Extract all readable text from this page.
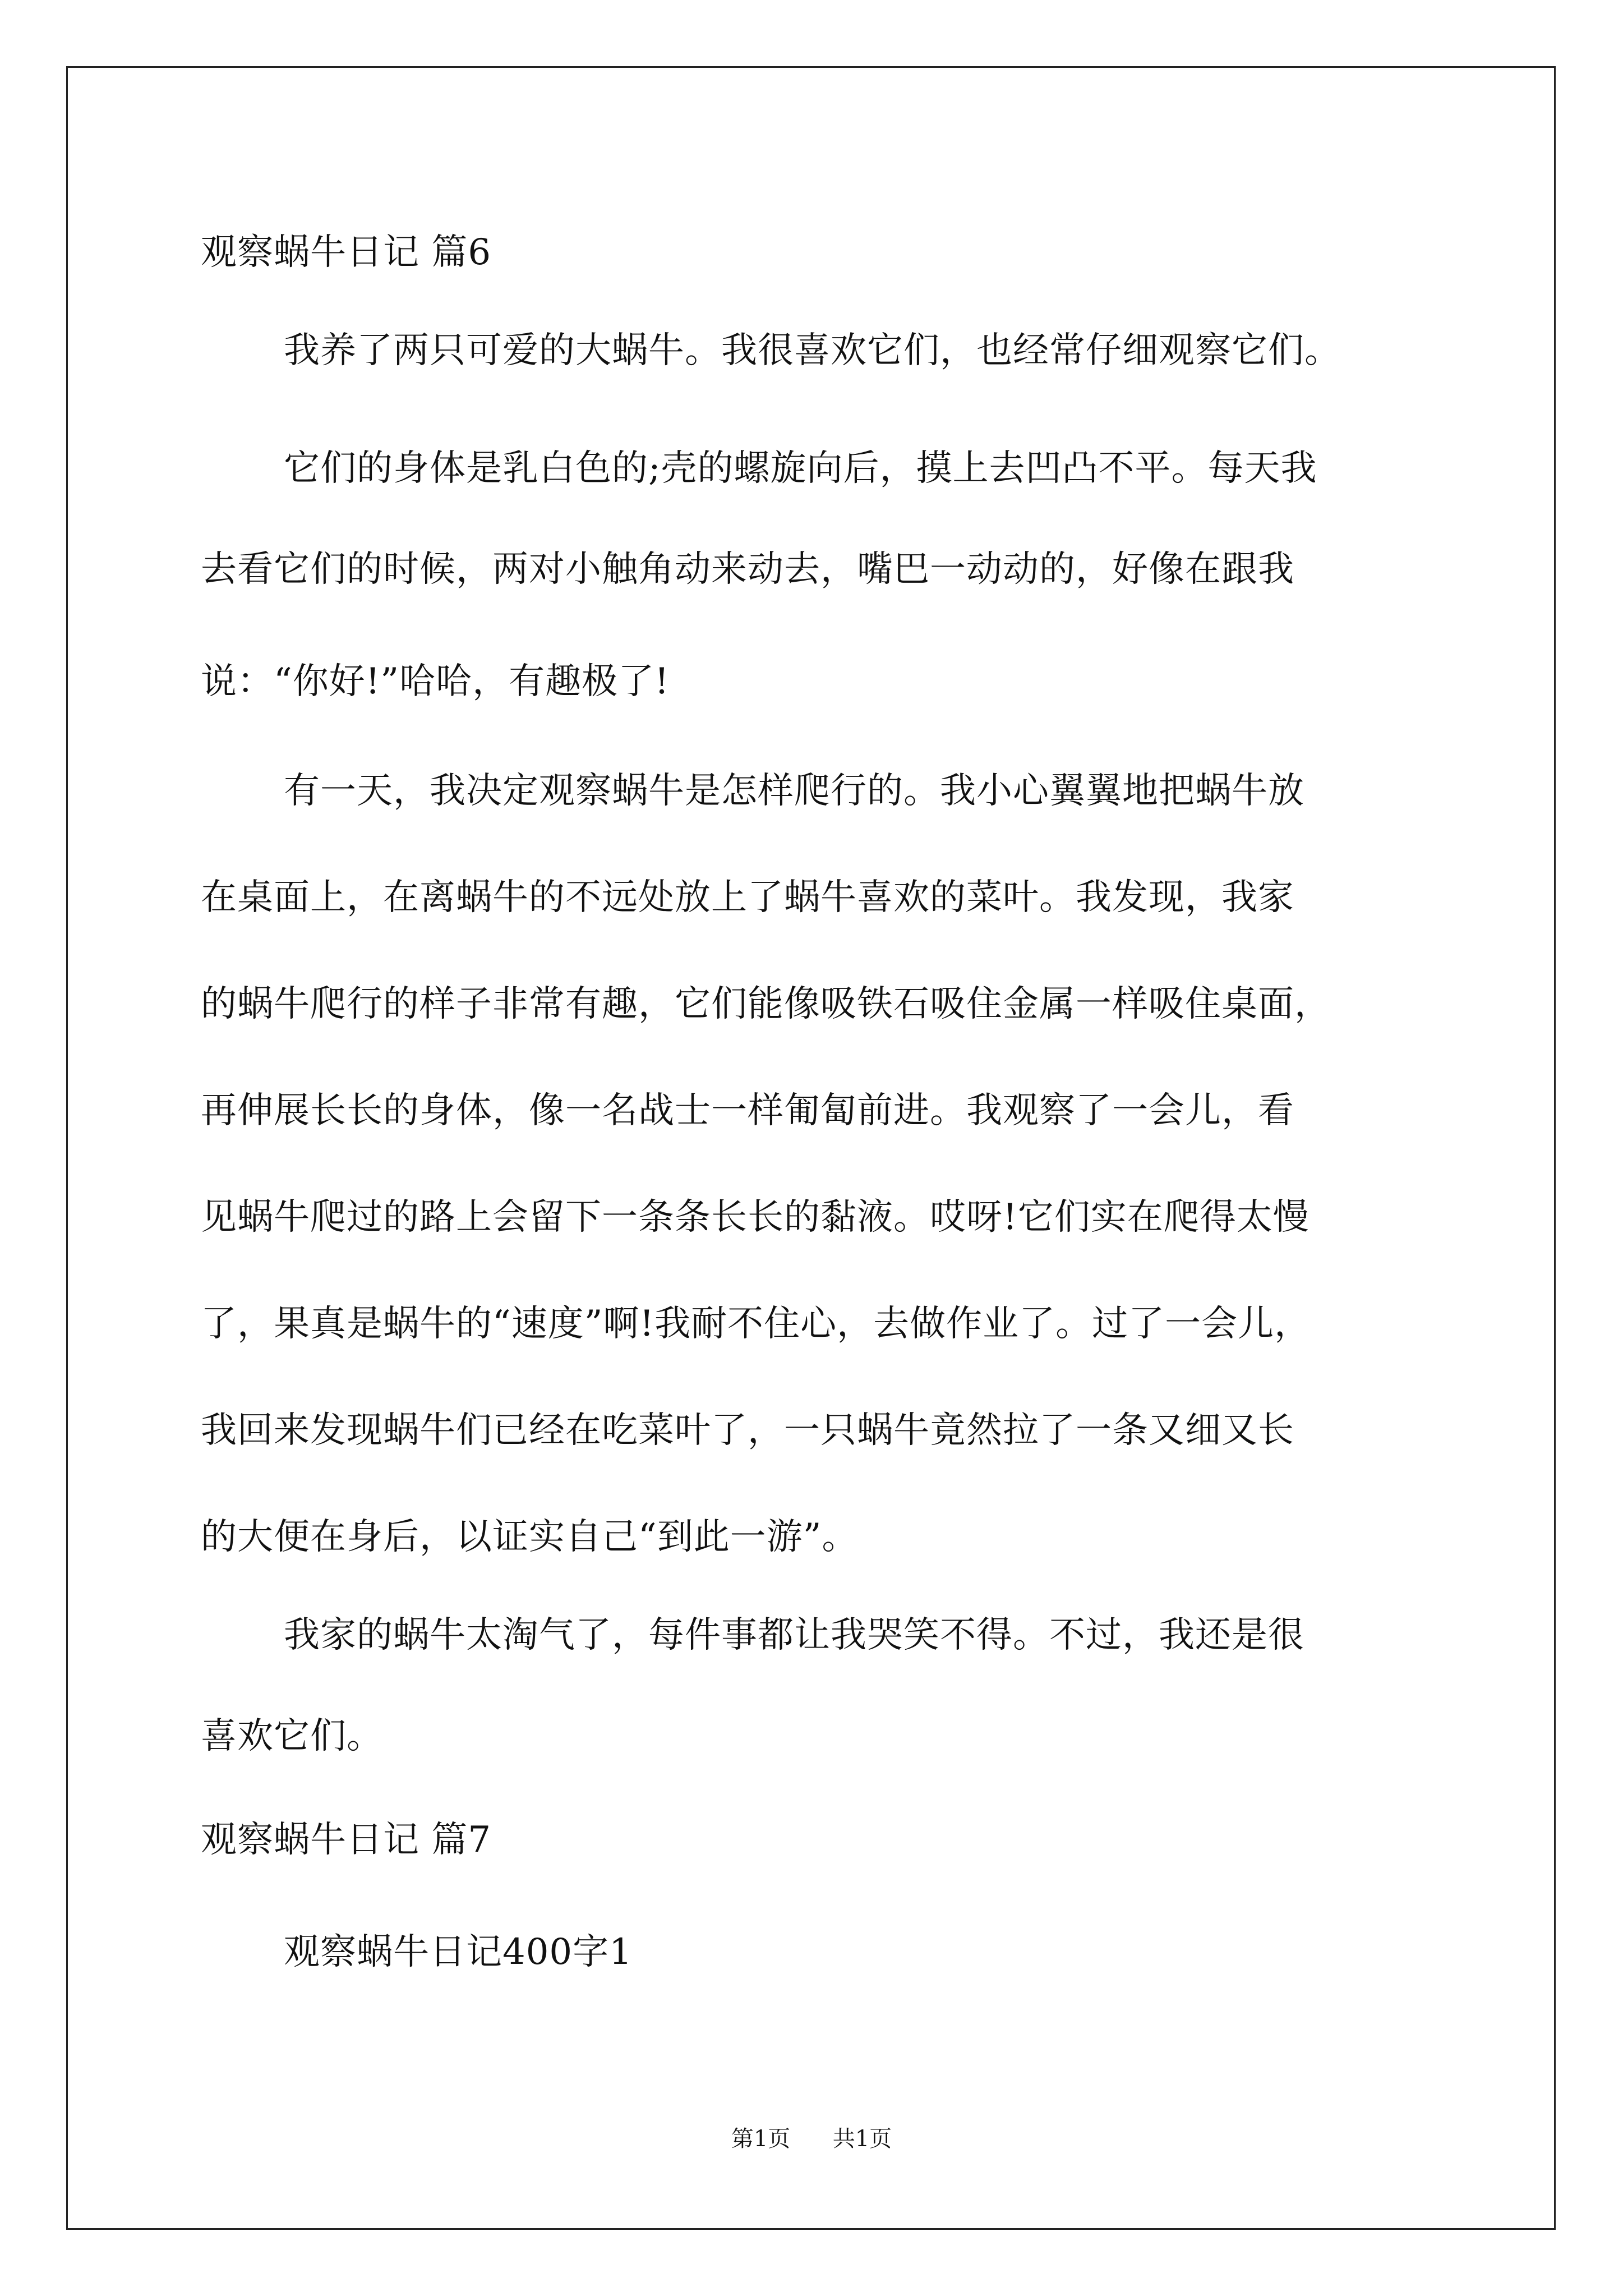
观察蜗牛日记 篇6
我养了两只可爱的大蜗牛。我很喜欢它们，也经常仔细观察它们。
它们的身体是乳白色的;壳的螺旋向后，摸上去凹凸不平。每天我
去看它们的时候，两对小触角动来动去，嘴巴一动动的，好像在跟我
说：“你好!”哈哈，有趣极了!
有一天，我决定观察蜗牛是怎样爬行的。我小心翼翼地把蜗牛放
在桌面上，在离蜗牛的不远处放上了蜗牛喜欢的菜叶。我发现，我家
的蜗牛爬行的样子非常有趣，它们能像吸铁石吸住金属一样吸住桌面，
再伸展长长的身体，像一名战士一样匍匐前进。我观察了一会儿，看
见蜗牛爬过的路上会留下一条条长长的黏液。哎呀!它们实在爬得太慢
了，果真是蜗牛的“速度”啊!我耐不住心，去做作业了。过了一会儿，
我回来发现蜗牛们已经在吃菜叶了，一只蜗牛竟然拉了一条又细又长
的大便在身后，以证实自己“到此一游”。
我家的蜗牛太淘气了，每件事都让我哭笑不得。不过，我还是很
喜欢它们。
观察蜗牛日记 篇7
观察蜗牛日记400字1
第1页 共1页
